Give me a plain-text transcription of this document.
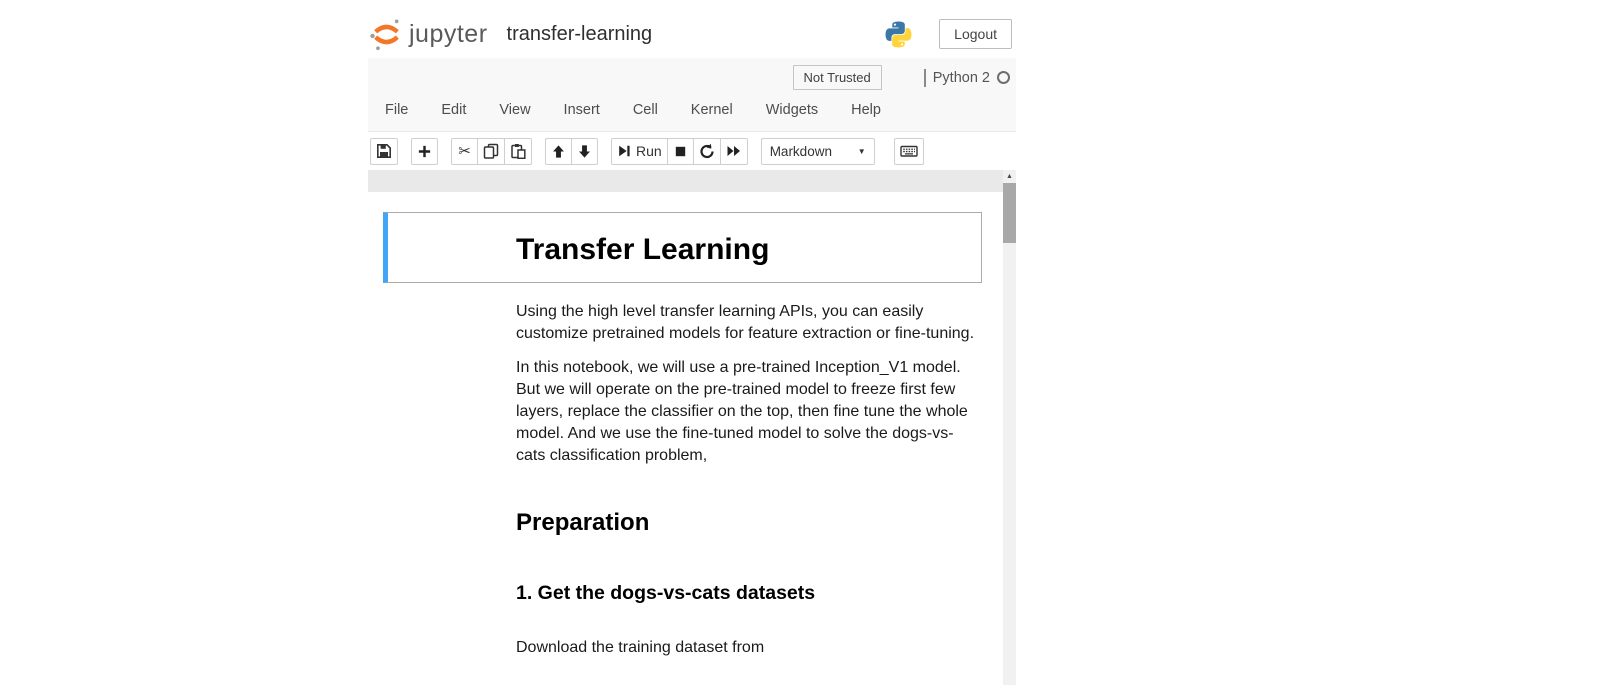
jupyter transfer-learning	Logout
Not Trusted	Python 2
File	Edit	View	Insert	Cell	Kernel	Widgets	Help
✂	Run	Markdown	▼
Transfer Learning

Using the high level transfer learning APIs, you can easily customize pretrained models for feature extraction or fine-tuning.

In this notebook, we will use a pre-trained Inception_V1 model. But we will operate on the pre-trained model to freeze first few layers, replace the classifier on the top, then fine tune the whole model. And we use the fine-tuned model to solve the dogs-vs-cats classification problem,

Preparation
1. Get the dogs-vs-cats datasets

Download the training dataset from

▲
